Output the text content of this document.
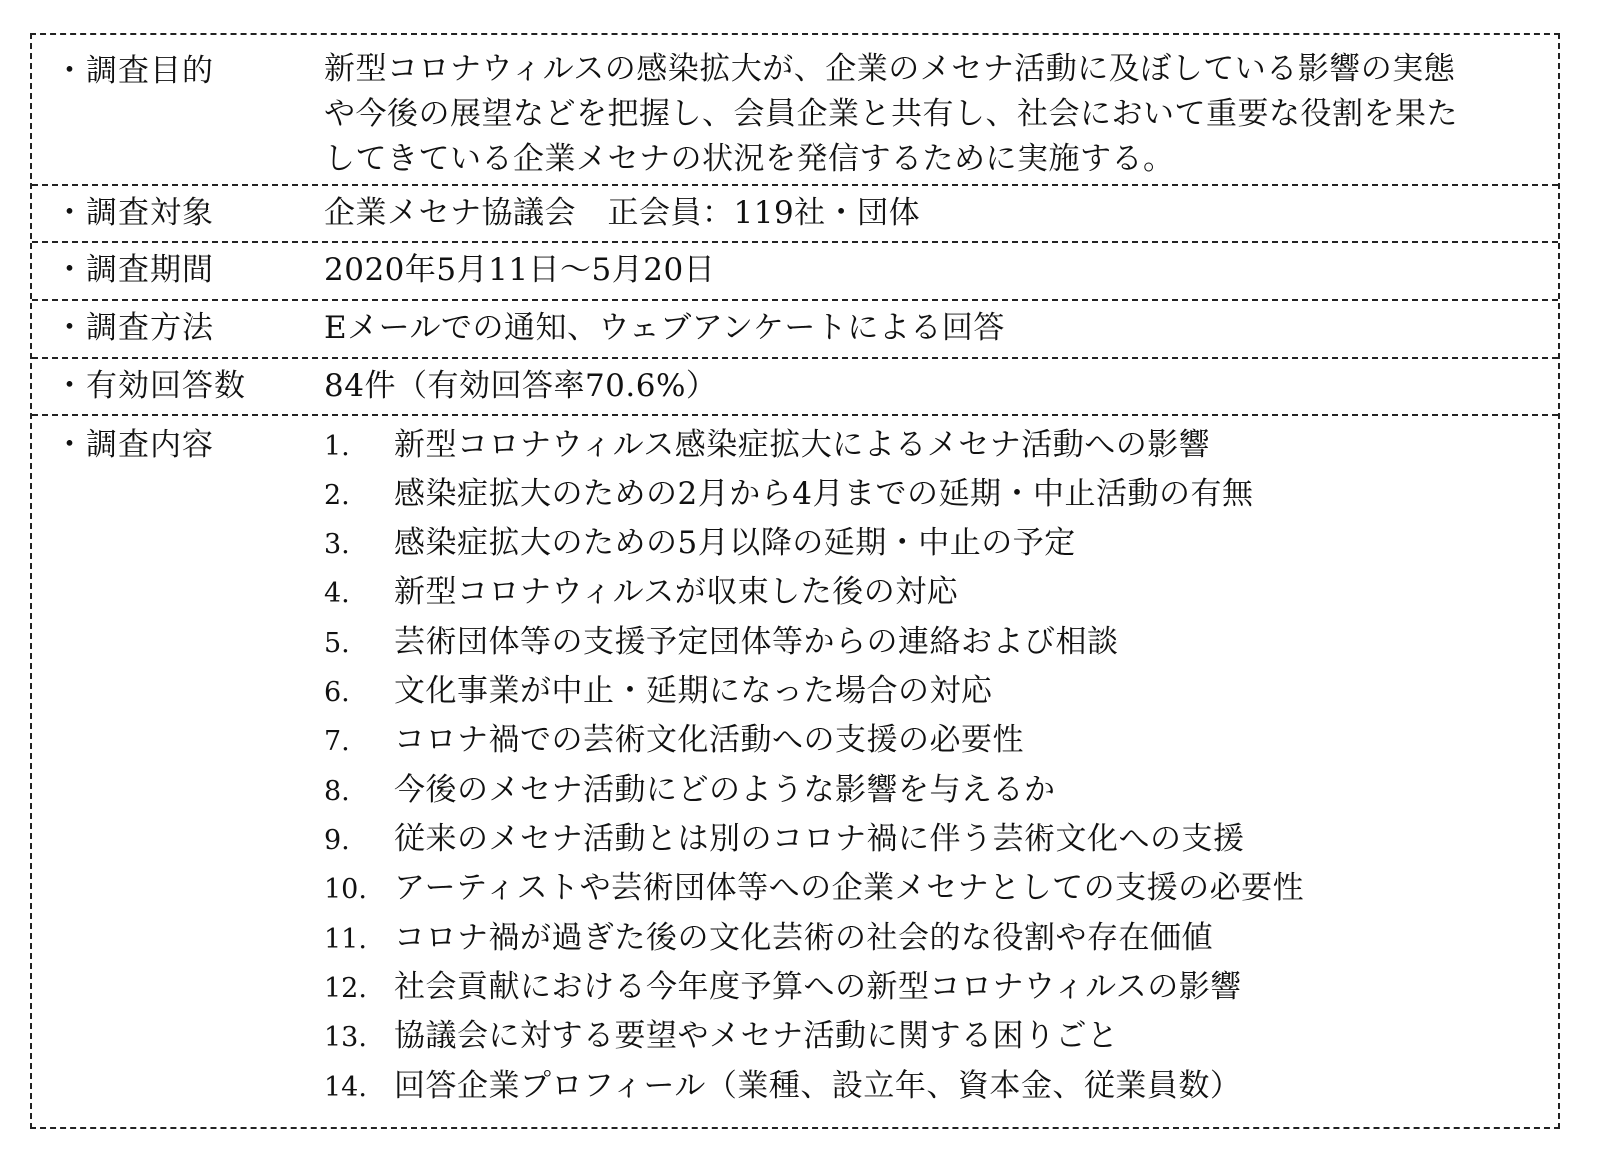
・調査目的	新型コロナウィルスの感染拡大が、企業のメセナ活動に及ぼしている影響の実態
や今後の展望などを把握し、会員企業と共有し、社会において重要な役割を果た
してきている企業メセナの状況を発信するために実施する。
・調査対象	企業メセナ協議会　正会員：119社・団体
・調査期間	2020年5月11日～5月20日
・調査方法	Eメールでの通知、ウェブアンケートによる回答
・有効回答数	84件（有効回答率70.6%）
・調査内容	1. 新型コロナウィルス感染症拡大によるメセナ活動への影響
2. 感染症拡大のための2月から4月までの延期・中止活動の有無
3. 感染症拡大のための5月以降の延期・中止の予定
4. 新型コロナウィルスが収束した後の対応
5. 芸術団体等の支援予定団体等からの連絡および相談
6. 文化事業が中止・延期になった場合の対応
7. コロナ禍での芸術文化活動への支援の必要性
8. 今後のメセナ活動にどのような影響を与えるか
9. 従来のメセナ活動とは別のコロナ禍に伴う芸術文化への支援
10. アーティストや芸術団体等への企業メセナとしての支援の必要性
11. コロナ禍が過ぎた後の文化芸術の社会的な役割や存在価値
12. 社会貢献における今年度予算への新型コロナウィルスの影響
13. 協議会に対する要望やメセナ活動に関する困りごと
14. 回答企業プロフィール（業種、設立年、資本金、従業員数）
